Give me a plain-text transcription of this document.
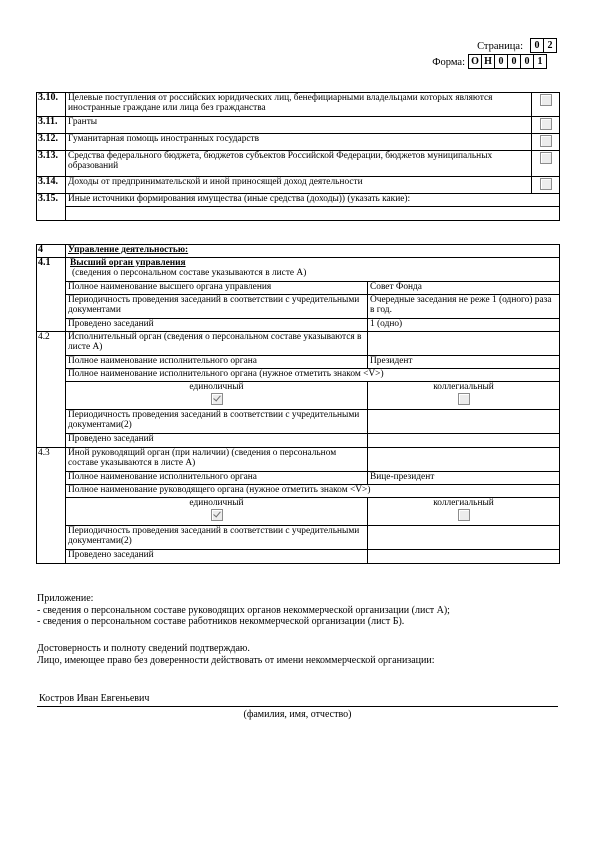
Страница:	0 2
Форма: О Н 0 0 0 1
3.10.	Целевые поступления от российских юридических лиц, бенефициарными владельцами которых являются иностранные граждане или лица без гражданства	
3.11.	Гранты	
3.12.	Гуманитарная помощь иностранных государств	
3.13.	Средства федерального бюджета, бюджетов субъектов Российской Федерации, бюджетов муниципальных образований	
3.14.	Доходы от предпринимательской и иной приносящей доход деятельности	
3.15.	Иные источники формирования имущества (иные средства (доходы)) (указать какие):	

4	Управление деятельностью:	
4.1	Высший орган управления
(сведения о персональном составе указываются в листе А)	

	Полное наименование высшего органа управления	Совет Фонда
	Периодичность проведения заседаний в соответствии с учредительными документами	Очередные заседания не реже 1 (одного) раза в год.
	Проведено заседаний	1 (одно)
4.2	Исполнительный орган (сведения о персональном составе указываются в листе А)	
	Полное наименование исполнительного органа	Президент
	Полное наименование исполнительного органа (нужное отметить знаком <V>)	

	единоличный	коллегиальный

	Периодичность проведения заседаний в соответствии с учредительными документами(2)	
	Проведено заседаний	
4.3	Иной руководящий орган (при наличии) (сведения о персональном составе указываются в листе А)	
	Полное наименование исполнительного органа	Вице-президент
	Полное наименование руководящего органа (нужное отметить знаком <V>)	

	единоличный	коллегиальный

	Периодичность проведения заседаний в соответствии с учредительными документами(2)	
	Проведено заседаний	

Приложение:

- сведения о персональном составе руководящих органов некоммерческой организации (лист А);

- сведения о персональном составе работников некоммерческой организации (лист Б).

Достоверность и полноту сведений подтверждаю.

Лицо, имеющее право без доверенности действовать от имени некоммерческой организации:

Костров Иван Евгеньевич
(фамилия, имя, отчество)
